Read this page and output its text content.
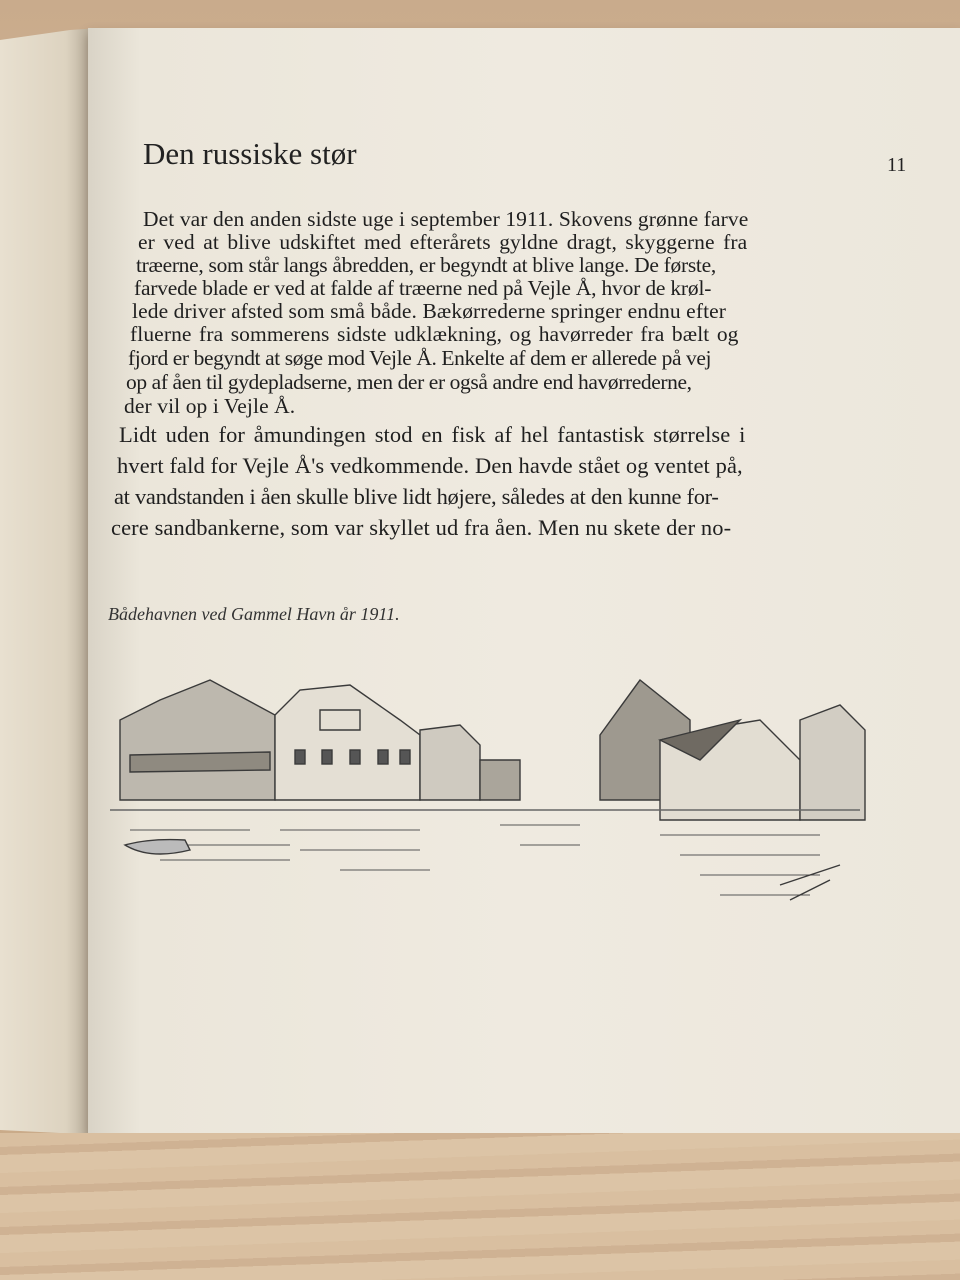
Den russiske stør	11
Det var den anden sidste uge i september 1911. Skovens grønne farve
er ved at blive udskiftet med efterårets gyldne dragt, skyggerne fra
træerne, som står langs åbredden, er begyndt at blive lange. De første,
farvede blade er ved at falde af træerne ned på Vejle Å, hvor de krøl-
lede driver afsted som små både. Bækørrederne springer endnu efter
fluerne fra sommerens sidste udklækning, og havørreder fra bælt og
fjord er begyndt at søge mod Vejle Å. Enkelte af dem er allerede på vej
op af åen til gydepladserne, men der er også andre end havørrederne,
der vil op i Vejle Å.
Lidt uden for åmundingen stod en fisk af hel fantastisk størrelse i
hvert fald for Vejle Å's vedkommende. Den havde stået og ventet på,
at vandstanden i åen skulle blive lidt højere, således at den kunne for-
cere sandbankerne, som var skyllet ud fra åen. Men nu skete der no-
Bådehavnen ved Gammel Havn år 1911.
